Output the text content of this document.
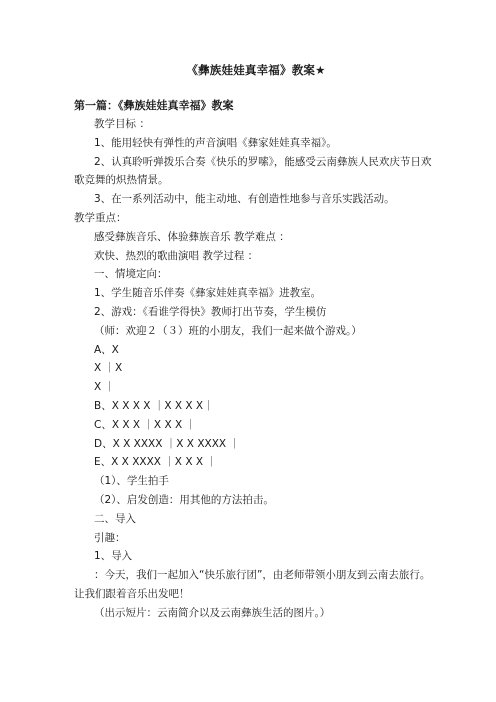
《彝族娃娃真幸福》教案★
第一篇：《彝族娃娃真幸福》教案
教学目标 ：
1、能用轻快有弹性的声音演唱《彝家娃娃真幸福》。
2、认真聆听弹拨乐合奏《快乐的罗嗦》，能感受云南彝族人民欢庆节日欢歌竞舞的炽热情景。
3、在一系列活动中，能主动地、有创造性地参与音乐实践活动。
教学重点：
感受彝族音乐、体验彝族音乐 教学难点 ：
欢快、热烈的歌曲演唱 教学过程 ：
一、情境定向：
1、学生随音乐伴奏《彝家娃娃真幸福》进教室。
2、游戏：《看谁学得快》教师打出节奏，学生模仿
（师：欢迎２（３）班的小朋友，我们一起来做个游戏。）
A、X
X ｜X
X ｜
B、X X X X ｜X X X X｜
C、X X X ｜X X X ｜
D、X X XXXX ｜X X XXXX ｜
E、X X XXXX ｜X X X ｜
（1）、学生拍手
（2）、启发创造：用其他的方法拍击。
二、导入
引趣：
1、导入
：今天，我们一起加入“快乐旅行团”，由老师带领小朋友到云南去旅行。让我们跟着音乐出发吧！
（出示短片：云南简介以及云南彝族生活的图片。）
